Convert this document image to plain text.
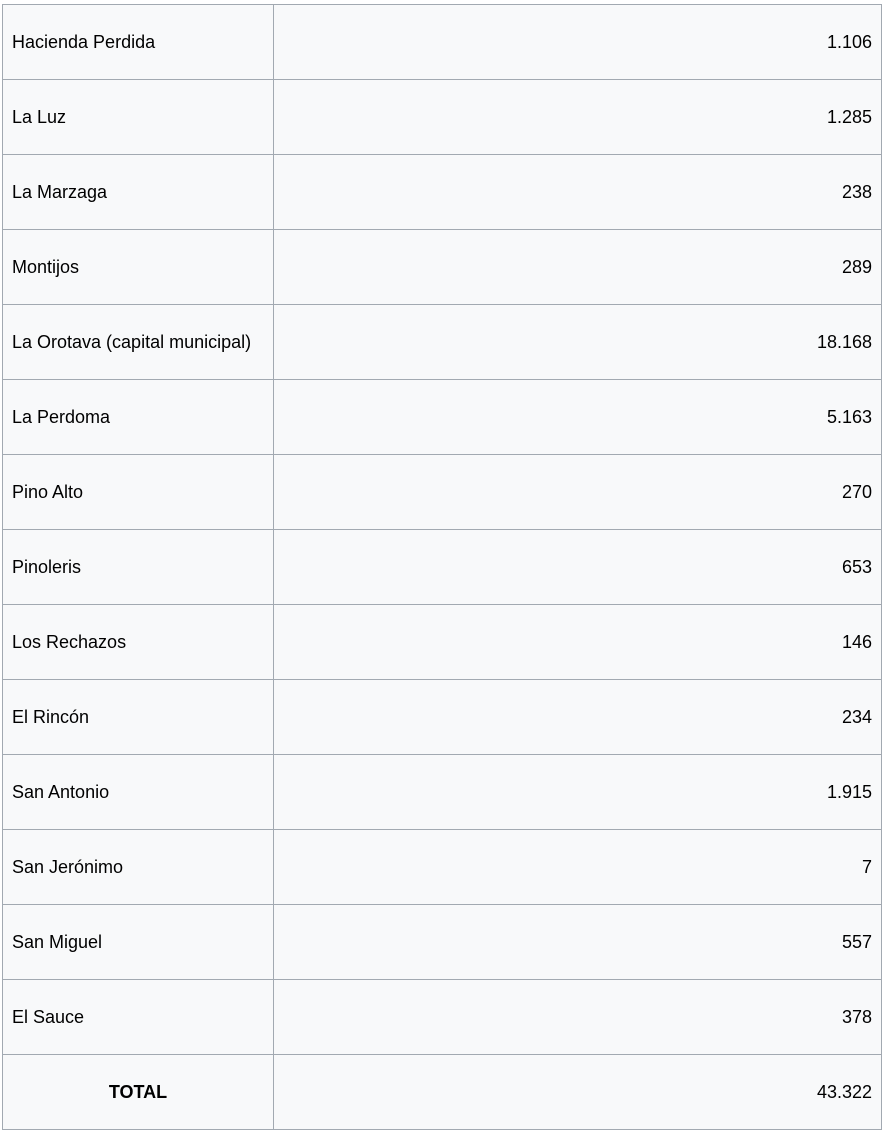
Hacienda Perdida	1.106
La Luz	1.285
La Marzaga	238
Montijos	289
La Orotava (capital municipal)	18.168
La Perdoma	5.163
Pino Alto	270
Pinoleris	653
Los Rechazos	146
El Rincón	234
San Antonio	1.915
San Jerónimo	7
San Miguel	557
El Sauce	378
TOTAL	43.322
